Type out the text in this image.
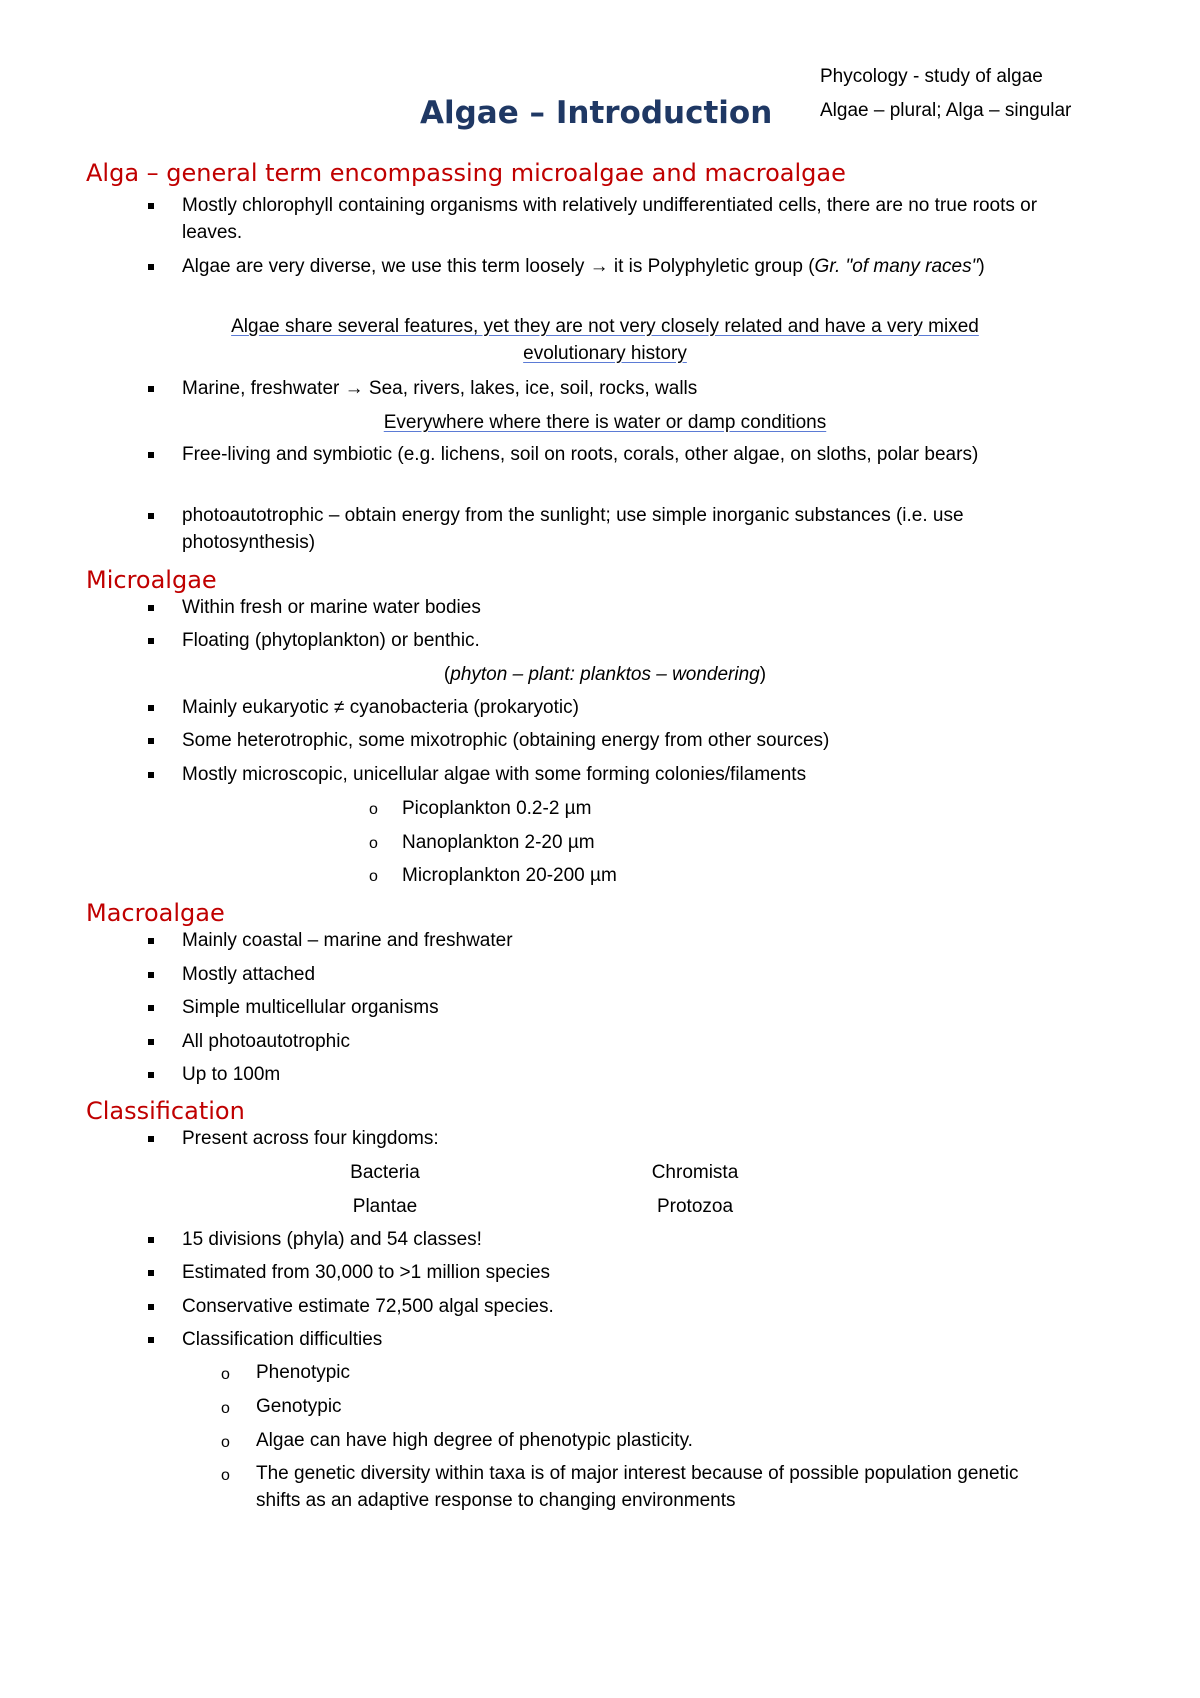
Phycology - study of algae
Algae – plural; Alga – singular
Algae – Introduction
Alga – general term encompassing microalgae and macroalgae
Mostly chlorophyll containing organisms with relatively undifferentiated cells, there are no true roots or leaves.
Algae are very diverse, we use this term loosely → it is Polyphyletic group (Gr. "of many races")
Algae share several features, yet they are not very closely related and have a very mixed evolutionary history
Marine, freshwater → Sea, rivers, lakes, ice, soil, rocks, walls
Everywhere where there is water or damp conditions
Free-living and symbiotic (e.g. lichens, soil on roots, corals, other algae, on sloths, polar bears)
photoautotrophic – obtain energy from the sunlight; use simple inorganic substances (i.e. use photosynthesis)
Microalgae
Within fresh or marine water bodies
Floating (phytoplankton) or benthic.
(phyton – plant: planktos – wondering)
Mainly eukaryotic ≠ cyanobacteria (prokaryotic)
Some heterotrophic, some mixotrophic (obtaining energy from other sources)
Mostly microscopic, unicellular algae with some forming colonies/filaments
o Picoplankton 0.2-2 µm
o Nanoplankton 2-20 µm
o Microplankton 20-200 µm
Macroalgae
Mainly coastal – marine and freshwater
Mostly attached
Simple multicellular organisms
All photoautotrophic
Up to 100m
Classification
Present across four kingdoms:
Bacteria	Chromista
Plantae	Protozoa
15 divisions (phyla) and 54 classes!
Estimated from 30,000 to >1 million species
Conservative estimate 72,500 algal species.
Classification difficulties
o Phenotypic
o Genotypic
o Algae can have high degree of phenotypic plasticity.
o The genetic diversity within taxa is of major interest because of possible population genetic shifts as an adaptive response to changing environments
